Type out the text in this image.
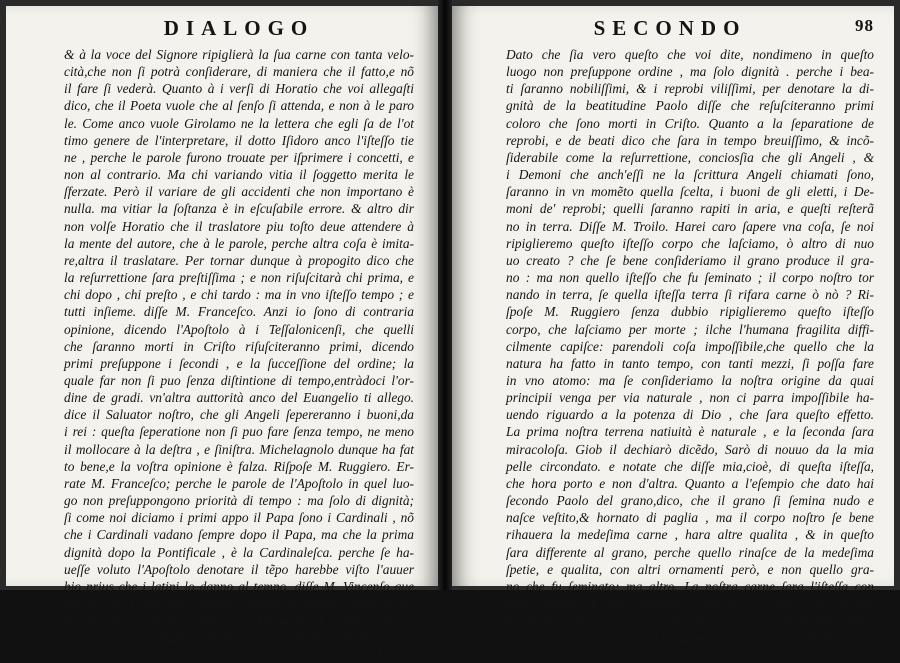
DIALOGO
& à la voce del Signore ripiglierà la ſua carne con tanta velo-
cità,che non ſi potrà conſiderare, di maniera che il fatto,e nõ
il fare ſi vederà. Quanto à i verſi di Horatio che voi allegaſti
dico, che il Poeta vuole che al ſenſo ſi attenda, e non à le paro
le. Come anco vuole Girolamo ne la lettera che egli ſa de l'ot
timo genere de l'interpretare, il dotto Iſidoro anco l'iſteſſo tie
ne , perche le parole furono trouate per iſprimere i concetti, e
non al contrario. Ma chi variando vitia il ſoggetto merita le
ſferzate. Però il variare de gli accidenti che non importano è
nulla. ma vitiar la ſoſtanza è in eſcuſabile errore. & altro dir
non volſe Horatio che il traslatore piu toſto deue attendere à
la mente del autore, che à le parole, perche altra coſa è imita-
re,altra il traslatare. Per tornar dunque à propogito dico che
la reſurrettione ſara preſtiſſima ; e non riſuſcitarà chi prima, e
chi dopo , chi preſto , e chi tardo : ma in vno iſteſſo tempo ; e
tutti inſieme. diſſe M. Franceſco. Anzi io ſono di contraria
opinione, dicendo l'Apoſtolo à i Teſſalonicenſi, che quelli
che ſaranno morti in Criſto riſuſciteranno primi, dicendo
primi preſuppone i ſecondi , e la ſucceſſione del ordine; la
quale far non ſi puo ſenza diſtintione di tempo,entràdoci l'or-
dine de gradi. vn'altra auttorità anco del Euangelio ti allego.
dice il Saluator noſtro, che gli Angeli ſepereranno i buoni,da
i rei : queſta ſeperatione non ſi puo fare ſenza tempo, ne meno
il mollocare à la deſtra , e ſiniſtra. Michelagnolo dunque ha fat
to bene,e la voſtra opinione è falza. Riſpoſe M. Ruggiero. Er-
rate M. Franceſco; perche le parole de l'Apoſtolo in quel luo-
go non preſuppongono priorità di tempo : ma ſolo di dignità;
ſi come noi diciamo i primi appo il Papa ſono i Cardinali , nõ
che i Cardinali vadano ſempre dopo il Papa, ma che la prima
dignità dopo la Pontificale , è la Cardinaleſca. perche ſe ha-
ueſſe voluto l'Apoſtolo denotare il tẽpo harebbe viſto l'auuer
bio prius che i latini lo danno al tempo. diſſe M. Vincenſo que
ſta pa rola Primi, anco denota priorità di tempo , onde dicia-
mo, il tale fu il primo a entrare in Roma, il tal Capitani furono
i primi a dar l'aſſalto e ſimil'altre coſe. Riſpoſe M. Ruggiero,
Dato
SECONDO	98
Dato che ſia vero queſto che voi dite, nondimeno in queſto
luogo non preſuppone ordine , ma ſolo dignità . perche i bea-
ti ſaranno nobiliſſimi, & i reprobi viliſſimi, per denotare la di-
gnità de la beatitudine Paolo diſſe che reſuſciteranno primi
coloro che ſono morti in Criſto. Quanto a la ſeparatione de
reprobi, e de beati dico che ſara in tempo breuiſſimo, & incõ-
ſiderabile come la reſurrettione, conciosſia che gli Angeli , &
i Demoni che anch'eſſi ne la ſcrittura Angeli chiamati ſono,
ſaranno in vn momẽto quella ſcelta, i buoni de gli eletti, i De-
moni de' reprobi; quelli ſaranno rapiti in aria, e queſti reſterã
no in terra. Diſſe M. Troilo. Harei caro ſapere vna coſa, ſe noi
ripiglieremo queſto iſteſſo corpo che laſciamo, ò altro di nuo
uo creato ? che ſe bene conſideriamo il grano produce il gra-
no : ma non quello iſteſſo che fu ſeminato ; il corpo noſtro tor
nando in terra, ſe quella iſteſſa terra ſi rifara carne ò nò ? Ri-
ſpoſe M. Ruggiero ſenza dubbio ripiglieremo queſto iſteſſo
corpo, che laſciamo per morte ; ilche l'humana fragilita diffi-
cilmente capiſce: parendoli coſa impoſſibile,che quello che la
natura ha fatto in tanto tempo, con tanti mezzi, ſi poſſa fare
in vno atomo: ma ſe conſideriamo la noſtra origine da quai
principii venga per via naturale , non ci parra impoſſibile ha-
uendo riguardo a la potenza di Dio , che ſara queſto effetto.
La prima noſtra terrena natiuità è naturale , e la ſeconda ſara
miracoloſa. Giob il dechiarò dicẽdo, Sarò di nouuo da la mia
pelle circondato. e notate che diſſe mia,cioè, di queſta iſteſſa,
che hora porto e non d'altra. Quanto a l'eſempio che dato hai
ſecondo Paolo del grano,dico, che il grano ſi ſemina nudo e
naſce veſtito,& hornato di paglia , ma il corpo noſtro ſe bene
rihauera la medeſima carne , hara altre qualita , & in queſto
ſara differente al grano, perche quello rinaſce de la medeſima
ſpetie, e qualita, con altri ornamenti però, e non quello gra-
no che fu ſeminato; ma altro. La noſtra carne ſara l'iſteſſa con
altre qualita, & altri ornamẽti . Perche il primo corpo noſtro
fu ſeminato di terra, e terreno naſce : ma il corpo reſuſcitato,
hara laſciata la terreſtrità,la grauezza, e la corruttibilità, e ri
b ii	ſuſcitera
